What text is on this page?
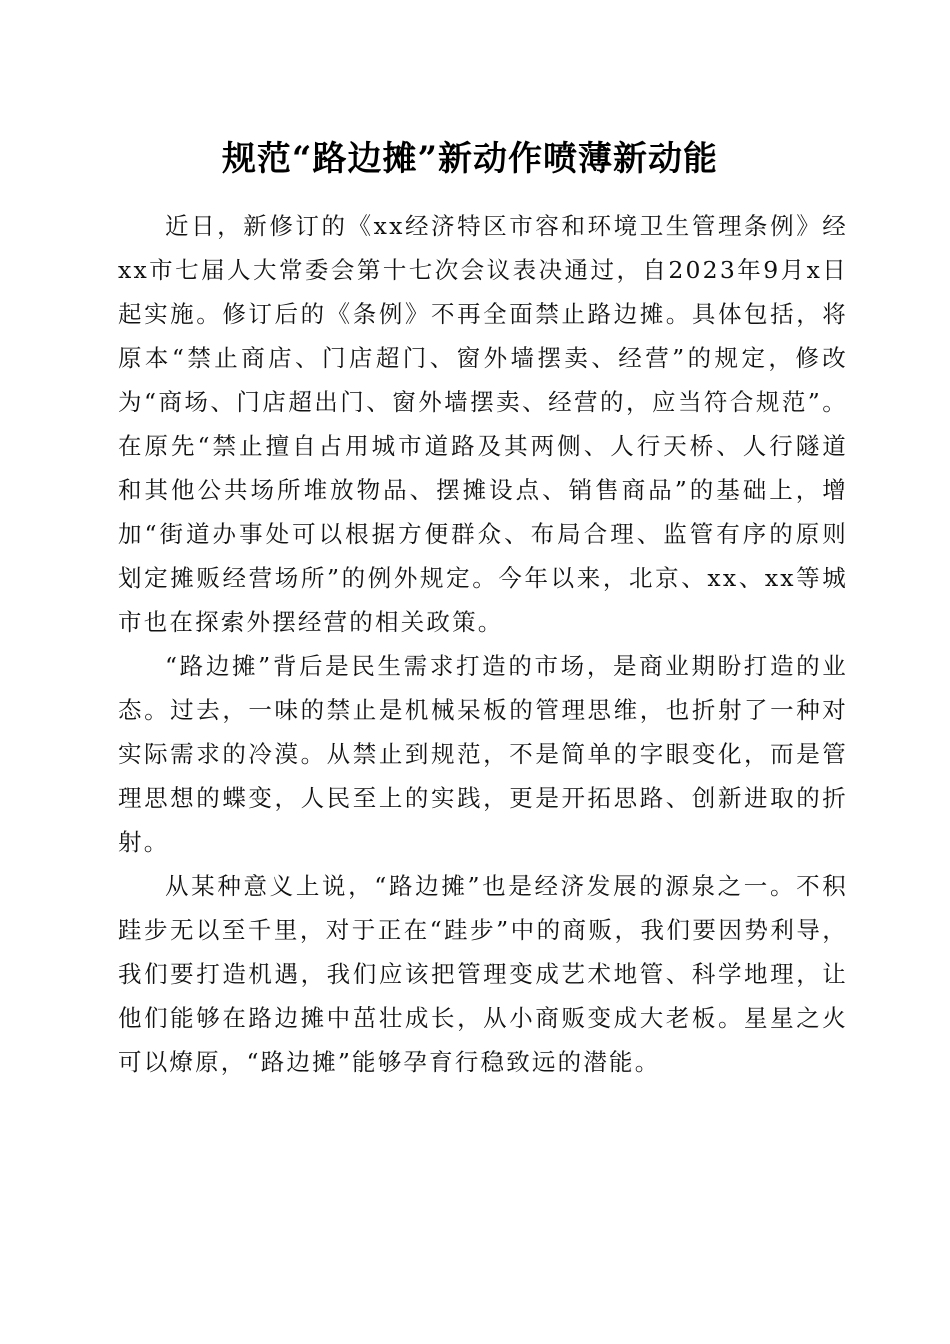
规范“路边摊”新动作喷薄新动能

近日，新修订的《xx经济特区市容和环境卫生管理条例》经xx市七届人大常委会第十七次会议表决通过，自2023年9月x日起实施。修订后的《条例》不再全面禁止路边摊。具体包括，将原本“禁止商店、门店超门、窗外墙摆卖、经营”的规定，修改为“商场、门店超出门、窗外墙摆卖、经营的，应当符合规范”。在原先“禁止擅自占用城市道路及其两侧、人行天桥、人行隧道和其他公共场所堆放物品、摆摊设点、销售商品”的基础上，增加“街道办事处可以根据方便群众、布局合理、监管有序的原则划定摊贩经营场所”的例外规定。今年以来，北京、xx、xx等城市也在探索外摆经营的相关政策。

“路边摊”背后是民生需求打造的市场，是商业期盼打造的业态。过去，一味的禁止是机械呆板的管理思维，也折射了一种对实际需求的冷漠。从禁止到规范，不是简单的字眼变化，而是管理思想的蝶变，人民至上的实践，更是开拓思路、创新进取的折射。

从某种意义上说，“路边摊”也是经济发展的源泉之一。不积跬步无以至千里，对于正在“跬步”中的商贩，我们要因势利导，我们要打造机遇，我们应该把管理变成艺术地管、科学地理，让他们能够在路边摊中茁壮成长，从小商贩变成大老板。星星之火可以燎原，“路边摊”能够孕育行稳致远的潜能。
